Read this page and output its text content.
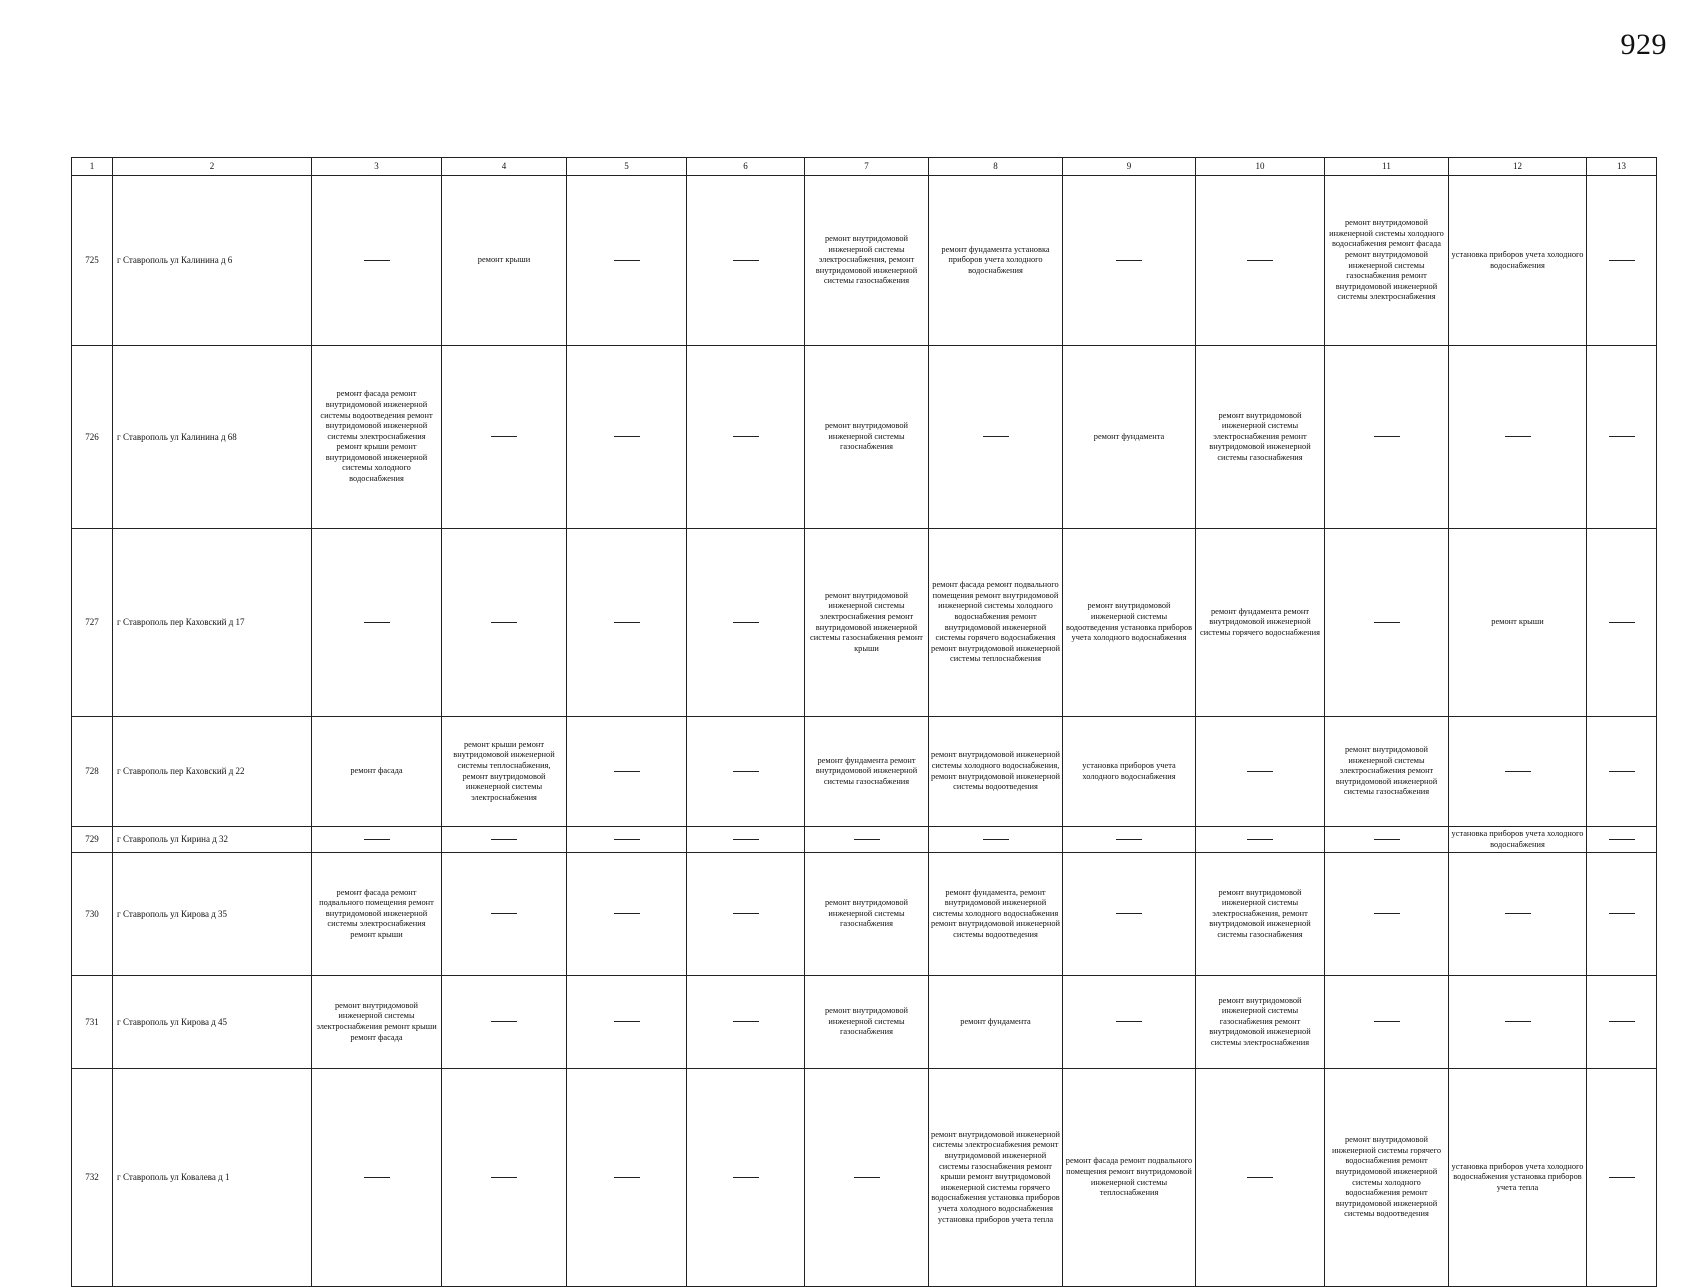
929
1	2	3	4	5	6	7	8	9	10	11	12	13
725	г Ставрополь ул Калинина д 6		ремонт крыши			ремонт внутридомовой инженерной системы электроснабжения, ремонт внутридомовой инженерной системы газоснабжения	ремонт фундамента установка приборов учета холодного водоснабжения			ремонт внутридомовой инженерной системы холодного водоснабжения ремонт фасада ремонт внутридомовой инженерной системы газоснабжения ремонт внутридомовой инженерной системы электроснабжения	установка приборов учета холодного водоснабжения	

726	г Ставрополь ул Калинина д 68	ремонт фасада ремонт внутридомовой инженерной системы водоотведения ремонт внутридомовой инженерной системы электроснабжения ремонт крыши ремонт внутридомовой инженерной системы холодного водоснабжения				ремонт внутридомовой инженерной системы газоснабжения		ремонт фундамента	ремонт внутридомовой инженерной системы электроснабжения ремонт внутридомовой инженерной системы газоснабжения			

727	г Ставрополь пер Каховский д 17					ремонт внутридомовой инженерной системы электроснабжения ремонт внутридомовой инженерной системы газоснабжения ремонт крыши	ремонт фасада ремонт подвального помещения ремонт внутридомовой инженерной системы холодного водоснабжения ремонт внутридомовой инженерной системы горячего водоснабжения ремонт внутридомовой инженерной системы теплоснабжения	ремонт внутридомовой инженерной системы водоотведения установка приборов учета холодного водоснабжения	ремонт фундамента ремонт внутридомовой инженерной системы горячего водоснабжения		ремонт крыши	

728	г Ставрополь пер Каховский д 22	ремонт фасада	ремонт крыши ремонт внутридомовой инженерной системы теплоснабжения, ремонт внутридомовой инженерной системы электроснабжения			ремонт фундамента ремонт внутридомовой инженерной системы газоснабжения	ремонт внутридомовой инженерной системы холодного водоснабжения, ремонт внутридомовой инженерной системы водоотведения	установка приборов учета холодного водоснабжения		ремонт внутридомовой инженерной системы электроснабжения ремонт внутридомовой инженерной системы газоснабжения		

729	г Ставрополь ул Кирина д 32										установка приборов учета холодного водоснабжения	

730	г Ставрополь ул Кирова д 35	ремонт фасада ремонт подвального помещения ремонт внутридомовой инженерной системы электроснабжения ремонт крыши				ремонт внутридомовой инженерной системы газоснабжения	ремонт фундамента, ремонт внутридомовой инженерной системы холодного водоснабжения ремонт внутридомовой инженерной системы водоотведения		ремонт внутридомовой инженерной системы электроснабжения, ремонт внутридомовой инженерной системы газоснабжения			

731	г Ставрополь ул Кирова д 45	ремонт внутридомовой инженерной системы электроснабжения ремонт крыши ремонт фасада				ремонт внутридомовой инженерной системы газоснабжения	ремонт фундамента		ремонт внутридомовой инженерной системы газоснабжения ремонт внутридомовой инженерной системы электроснабжения			

732	г Ставрополь ул Ковалева д 1						ремонт внутридомовой инженерной системы электроснабжения ремонт внутридомовой инженерной системы газоснабжения ремонт крыши ремонт внутридомовой инженерной системы горячего водоснабжения установка приборов учета холодного водоснабжения установка приборов учета тепла	ремонт фасада ремонт подвального помещения ремонт внутридомовой инженерной системы теплоснабжения		ремонт внутридомовой инженерной системы горячего водоснабжения ремонт внутридомовой инженерной системы холодного водоснабжения ремонт внутридомовой инженерной системы водоотведения	установка приборов учета холодного водоснабжения установка приборов учета тепла	
